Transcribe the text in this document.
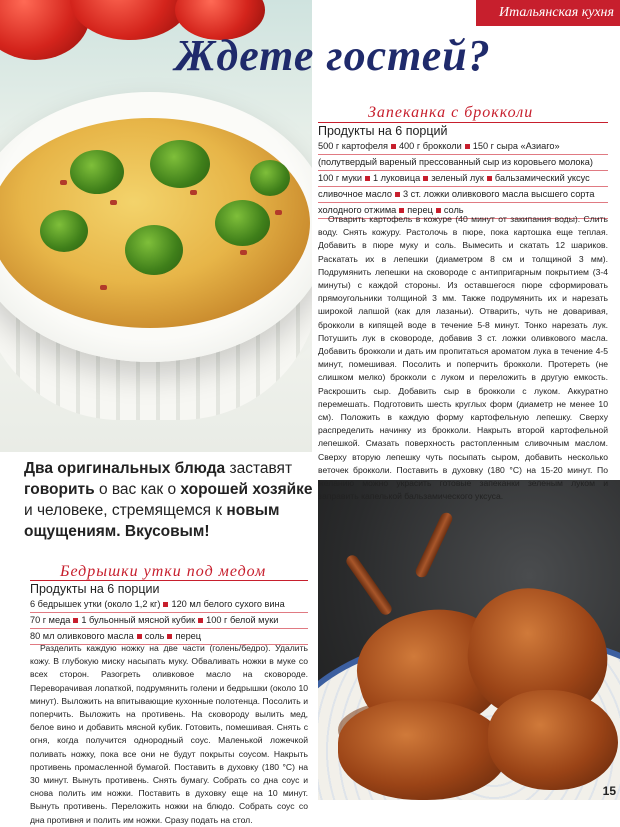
Итальянская кухня
Ждете гостей?
Запеканка с брокколи
Продукты на 6 порций
500 г картофеля 400 г брокколи 150 г сыра «Азиаго»
(полутвердый вареный прессованный сыр из коровьего молока)
100 г муки 1 луковица зеленый лук бальзамический уксус
сливочное масло 3 ст. ложки оливкового масла высшего сорта
холодного отжима перец соль

Отварить картофель в кожуре (40 минут от закипания воды). Слить воду. Снять кожуру. Растолочь в пюре, пока картошка еще теплая. Добавить в пюре муку и соль. Вымесить и скатать 12 шариков. Раскатать их в лепешки (диаметром 8 см и толщиной 3 мм). Подрумянить лепешки на сковороде с антипригарным покрытием (3-4 минуты) с каждой стороны. Из оставшегося пюре сформировать прямоугольники толщиной 3 мм. Также подрумянить их и нарезать широкой лапшой (как для лазаньи). Отварить, чуть не доваривая, брокколи в кипящей воде в течение 5-8 минут. Тонко нарезать лук. Потушить лук в сковороде, добавив 3 ст. ложки оливкового масла. Добавить брокколи и дать им пропитаться ароматом лука в течение 4-5 минут, помешивая. Посолить и поперчить брокколи. Протереть (не слишком мелко) брокколи с луком и переложить в другую емкость. Раскрошить сыр. Добавить сыр в брокколи с луком. Аккуратно перемешать. Подготовить шесть круглых форм (диаметр не менее 10 см). Положить в каждую форму картофельную лепешку. Сверху распределить начинку из брокколи. Накрыть второй картофельной лепешкой. Смазать поверхность растопленным сливочным маслом. Сверху вторую лепешку чуть посыпать сыром, добавить несколько веточек брокколи. Поставить в духовку (180 °С) на 15-20 минут. По желанию можно украсить готовые запеканки зеленым луком и заправить капелькой бальзамического уксуса.

Два оригинальных блюда заставят говорить о вас как о хорошей хозяйке и человеке, стремящемся к новым ощущениям. Вкусовым!
Бедрышки утки под медом
Продукты на 6 порции
6 бедрышек утки (около 1,2 кг) 120 мл белого сухого вина
70 г меда 1 бульонный мясной кубик 100 г белой муки
80 мл оливкового масла соль перец

Разделить каждую ножку на две части (голень/бедро). Удалить кожу. В глубокую миску насыпать муку. Обваливать ножки в муке со всех сторон. Разогреть оливковое масло на сковороде. Переворачивая лопаткой, подрумянить голени и бедрышки (около 10 минут). Выложить на впитывающие кухонные полотенца. Посолить и поперчить. Выложить на противень. На сковороду вылить мед, белое вино и добавить мясной кубик. Готовить, помешивая. Снять с огня, когда получится однородный соус. Маленькой ложечкой поливать ножку, пока все они не будут покрыты соусом. Накрыть противень промасленной бумагой. Поставить в духовку (180 °С) на 30 минут. Вынуть противень. Снять бумагу. Собрать со дна соус и снова полить им ножки. Поставить в духовку еще на 10 минут. Вынуть противень. Переложить ножки на блюдо. Собрать соус со дна противня и полить им ножки. Сразу подать на стол.

15
